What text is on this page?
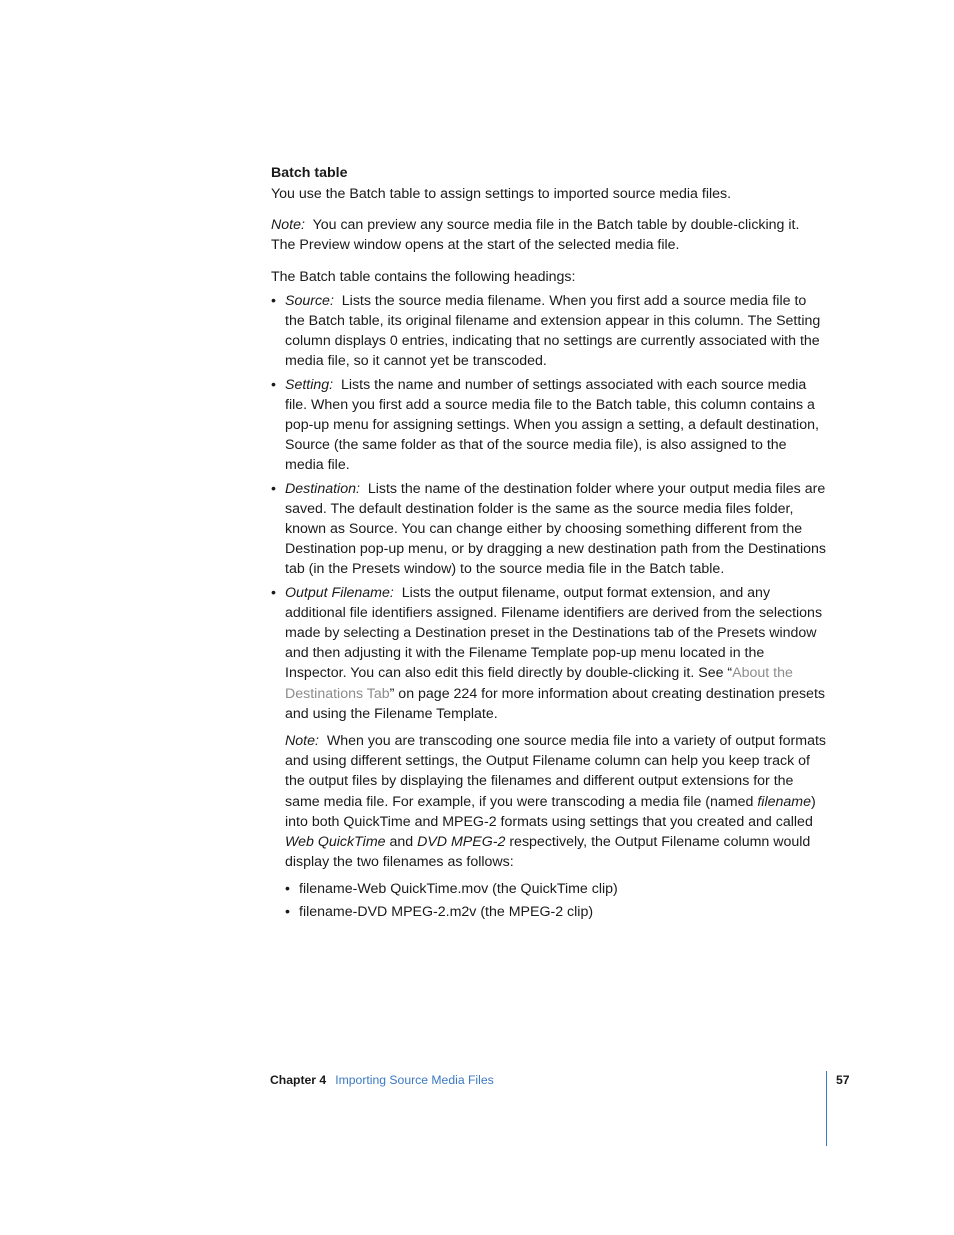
Batch table

You use the Batch table to assign settings to imported source media files.

Note: You can preview any source media file in the Batch table by double-clicking it. The Preview window opens at the start of the selected media file.

The Batch table contains the following headings:

• Source: Lists the source media filename. When you first add a source media file to the Batch table, its original filename and extension appear in this column. The Setting column displays 0 entries, indicating that no settings are currently associated with the media file, so it cannot yet be transcoded.
• Setting: Lists the name and number of settings associated with each source media file. When you first add a source media file to the Batch table, this column contains a pop-up menu for assigning settings. When you assign a setting, a default destination, Source (the same folder as that of the source media file), is also assigned to the media file.
• Destination: Lists the name of the destination folder where your output media files are saved. The default destination folder is the same as the source media files folder, known as Source. You can change either by choosing something different from the Destination pop-up menu, or by dragging a new destination path from the Destinations tab (in the Presets window) to the source media file in the Batch table.
• Output Filename: Lists the output filename, output format extension, and any additional file identifiers assigned. Filename identifiers are derived from the selections made by selecting a Destination preset in the Destinations tab of the Presets window and then adjusting it with the Filename Template pop-up menu located in the Inspector. You can also edit this field directly by double-clicking it. See “About the Destinations Tab” on page 224 for more information about creating destination presets and using the Filename Template.

Note: When you are transcoding one source media file into a variety of output formats and using different settings, the Output Filename column can help you keep track of the output files by displaying the filenames and different output extensions for the same media file. For example, if you were transcoding a media file (named filename) into both QuickTime and MPEG-2 formats using settings that you created and called Web QuickTime and DVD MPEG-2 respectively, the Output Filename column would display the two filenames as follows:

• filename-Web QuickTime.mov (the QuickTime clip)
• filename-DVD MPEG-2.m2v (the MPEG-2 clip)
Chapter 4 Importing Source Media Files	57
